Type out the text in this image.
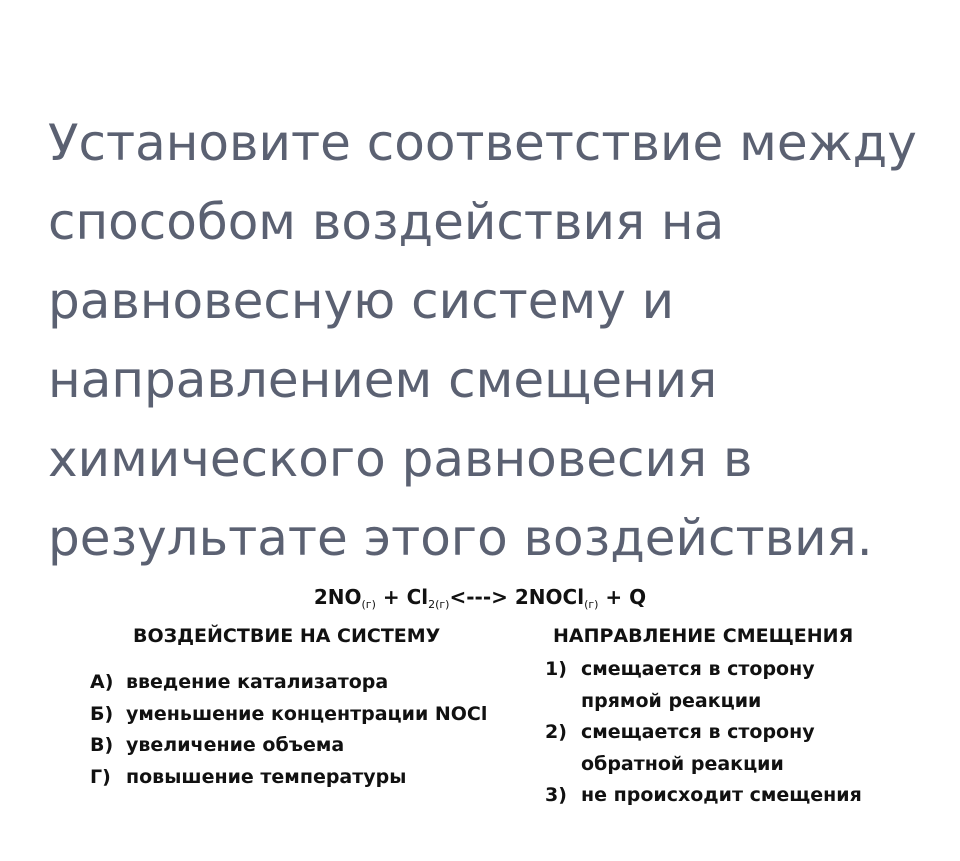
Установите соответствие между
способом воздействия на
равновесную систему и
направлением смещения
химического равновесия в
результате этого воздействия.
$2NO_{(г)} + Cl_{2(г)}<--->$ 2NOCl$_{(г)}$ + Q
ВОЗДЕЙСТВИЕ НА СИСТЕМУ	НАПРАВЛЕНИЕ СМЕЩЕНИЯ
А) введение катализатора
Б) уменьшение концентрации NOCl
В) увеличение объема
Г) повышение температуры
1) смещается в сторону
прямой реакции
2) смещается в сторону
обратной реакции
3) не происходит смещения
